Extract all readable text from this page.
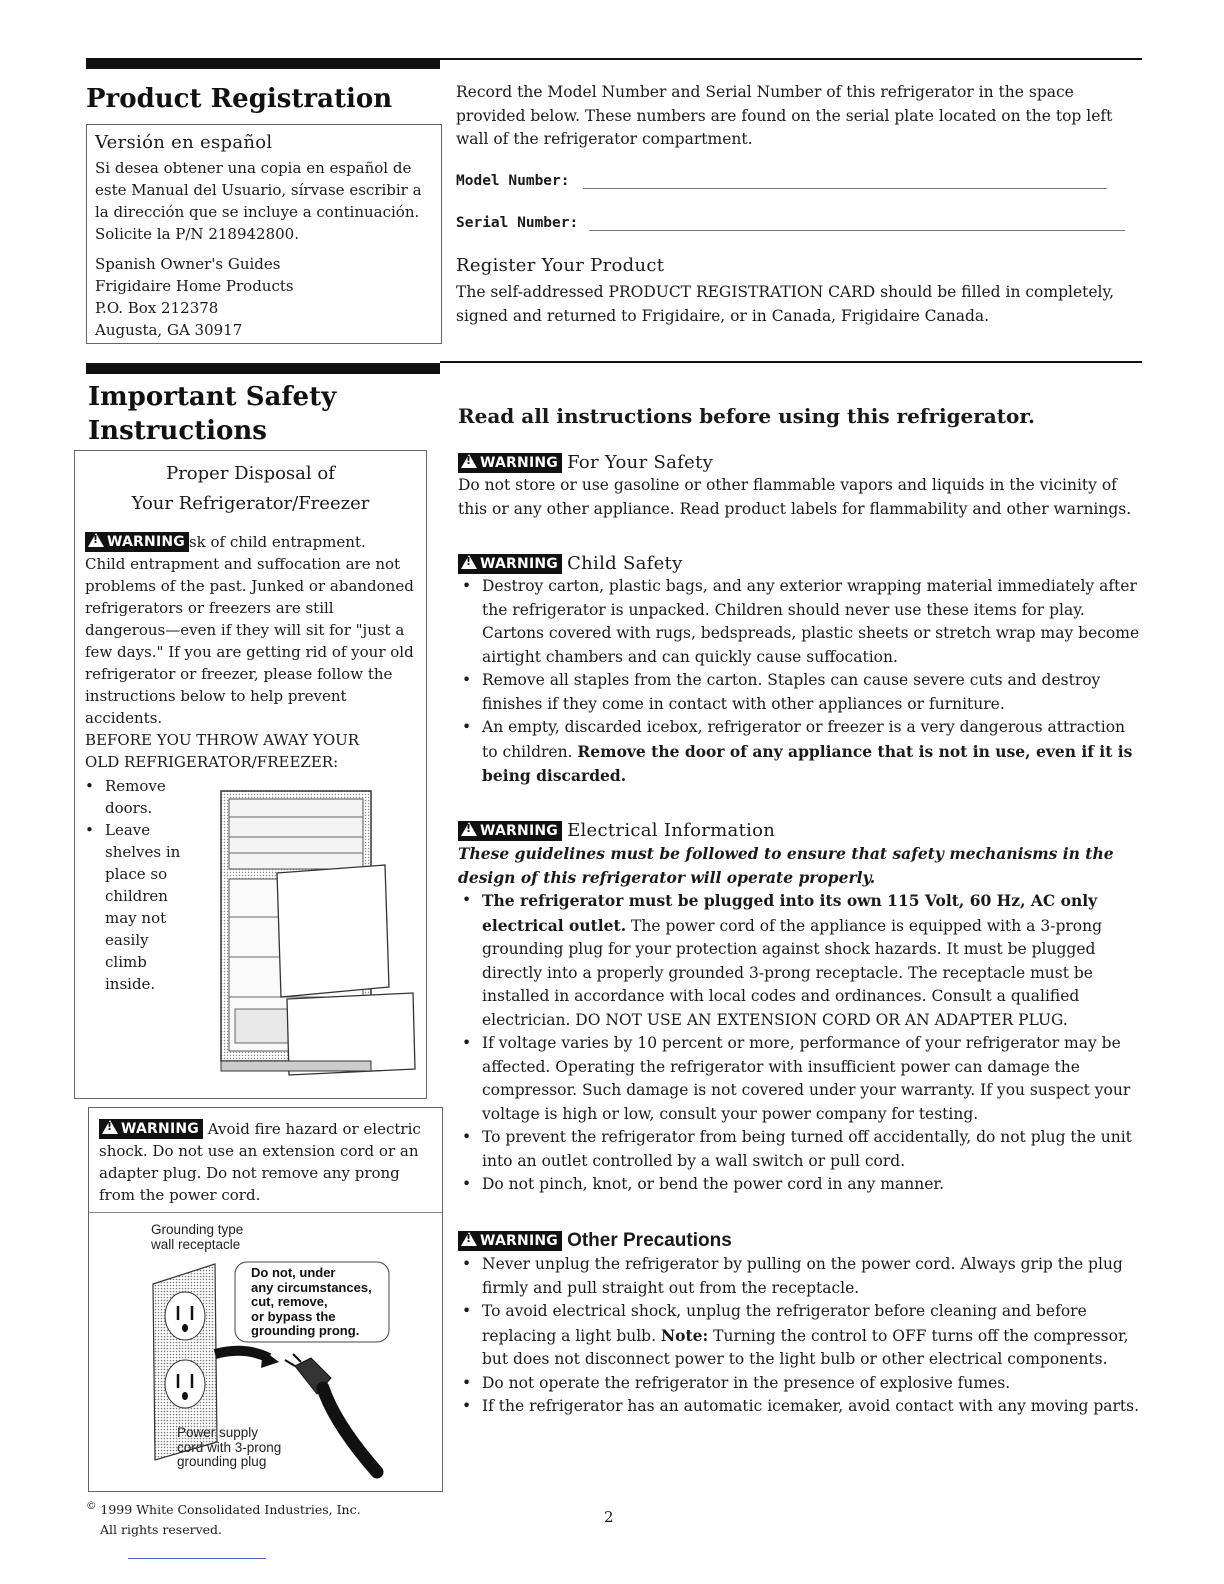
Product Registration
Versión en español
Si desea obtener una copia en español de este Manual del Usuario, sírvase escribir a la dirección que se incluye a continuación. Solicite la P/N 218942800.
Spanish Owner's Guides
Frigidaire Home Products
P.O. Box 212378
Augusta, GA 30917
Record the Model Number and Serial Number of this refrigerator in the space provided below. These numbers are found on the serial plate located on the top left wall of the refrigerator compartment.
Model Number:
Serial Number:
Register Your Product
The self-addressed PRODUCT REGISTRATION CARD should be filled in completely, signed and returned to Frigidaire, or in Canada, Frigidaire Canada.
Important Safety
Instructions	Read all instructions before using this refrigerator.
Proper Disposal of
Your Refrigerator/Freezer
!WARNING sk of child entrapment.
Child entrapment and suffocation are not problems of the past. Junked or abandoned refrigerators or freezers are still dangerous—even if they will sit for "just a few days." If you are getting rid of your old refrigerator or freezer, please follow the instructions below to help prevent accidents.
BEFORE YOU THROW AWAY YOUR
OLD REFRIGERATOR/FREEZER:
• Remove doors.
• Leave shelves in place so children may not easily climb inside.
!WARNING Avoid fire hazard or electric shock. Do not use an extension cord or an adapter plug. Do not remove any prong from the power cord.
Grounding type
wall receptacle
Do not, under
any circumstances,
cut, remove,
or bypass the
grounding prong.
Power supply
cord with 3-prong
grounding plug
!WARNING For Your Safety
Do not store or use gasoline or other flammable vapors and liquids in the vicinity of this or any other appliance. Read product labels for flammability and other warnings.
!WARNING Child Safety
• Destroy carton, plastic bags, and any exterior wrapping material immediately after the refrigerator is unpacked. Children should never use these items for play. Cartons covered with rugs, bedspreads, plastic sheets or stretch wrap may become airtight chambers and can quickly cause suffocation.
• Remove all staples from the carton. Staples can cause severe cuts and destroy finishes if they come in contact with other appliances or furniture.
• An empty, discarded icebox, refrigerator or freezer is a very dangerous attraction to children. Remove the door of any appliance that is not in use, even if it is being discarded.
!WARNING Electrical Information
These guidelines must be followed to ensure that safety mechanisms in the design of this refrigerator will operate properly.
• The refrigerator must be plugged into its own 115 Volt, 60 Hz, AC only electrical outlet. The power cord of the appliance is equipped with a 3-prong grounding plug for your protection against shock hazards. It must be plugged directly into a properly grounded 3-prong receptacle. The receptacle must be installed in accordance with local codes and ordinances. Consult a qualified electrician. DO NOT USE AN EXTENSION CORD OR AN ADAPTER PLUG.
• If voltage varies by 10 percent or more, performance of your refrigerator may be affected. Operating the refrigerator with insufficient power can damage the compressor. Such damage is not covered under your warranty. If you suspect your voltage is high or low, consult your power company for testing.
• To prevent the refrigerator from being turned off accidentally, do not plug the unit into an outlet controlled by a wall switch or pull cord.
• Do not pinch, knot, or bend the power cord in any manner.
!WARNING Other Precautions
• Never unplug the refrigerator by pulling on the power cord. Always grip the plug firmly and pull straight out from the receptacle.
• To avoid electrical shock, unplug the refrigerator before cleaning and before replacing a light bulb. Note: Turning the control to OFF turns off the compressor, but does not disconnect power to the light bulb or other electrical components.
• Do not operate the refrigerator in the presence of explosive fumes.
• If the refrigerator has an automatic icemaker, avoid contact with any moving parts.
© 1999 White Consolidated Industries, Inc.
All rights reserved.
2
